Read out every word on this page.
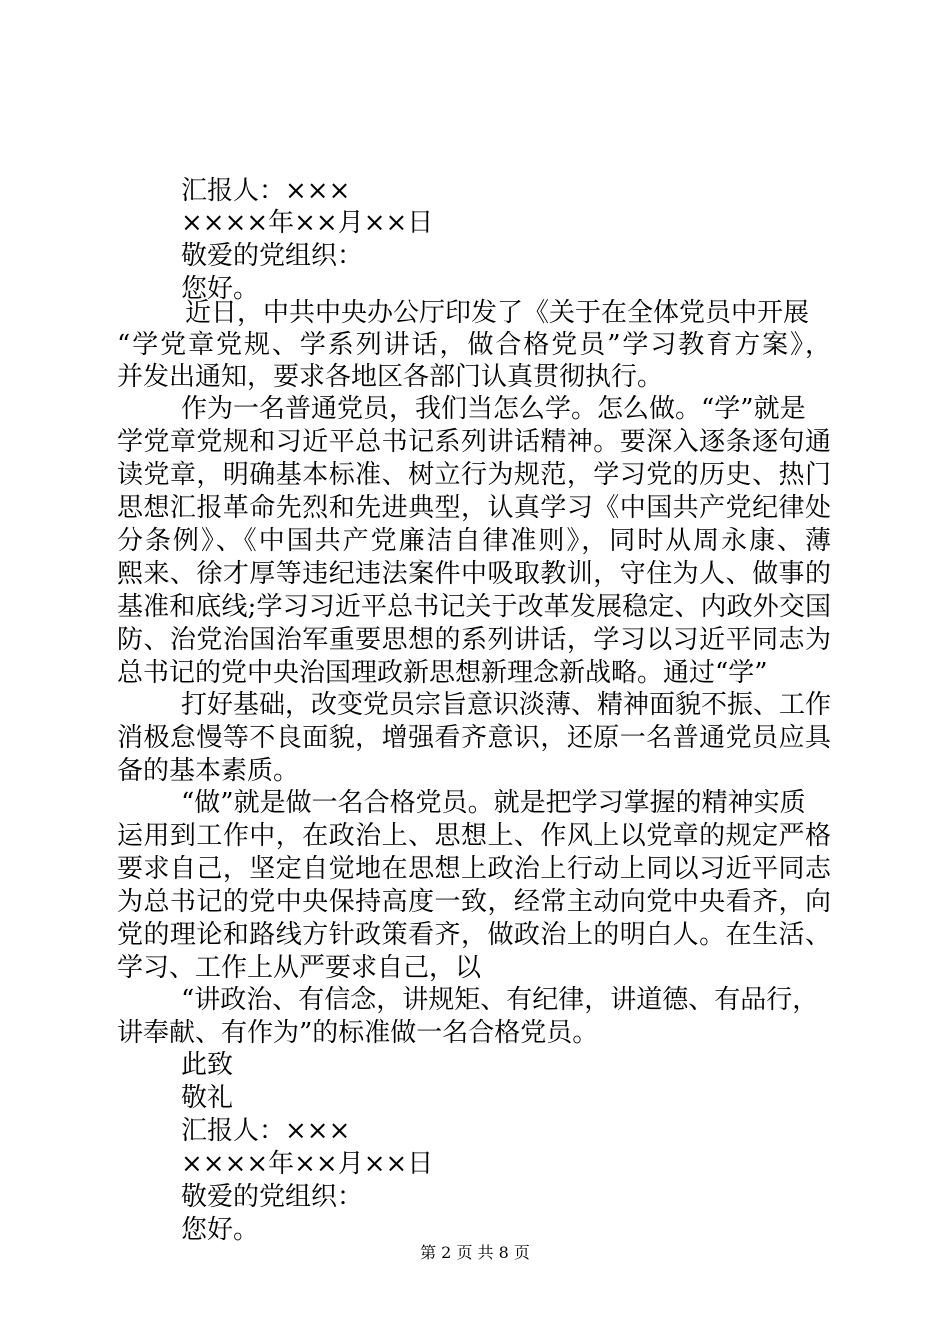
汇报人：×××
××××年××月××日
敬爱的党组织：
您好。
近日，中共中央办公厅印发了《关于在全体党员中开展
“学党章党规、学系列讲话，做合格党员”学习教育方案》，
并发出通知，要求各地区各部门认真贯彻执行。
作为一名普通党员，我们当怎么学。怎么做。“学”就是
学党章党规和习近平总书记系列讲话精神。要深入逐条逐句通
读党章，明确基本标准、树立行为规范，学习党的历史、热门
思想汇报革命先烈和先进典型，认真学习《中国共产党纪律处
分条例》、《中国共产党廉洁自律准则》，同时从周永康、薄
熙来、徐才厚等违纪违法案件中吸取教训，守住为人、做事的
基准和底线;学习习近平总书记关于改革发展稳定、内政外交国
防、治党治国治军重要思想的系列讲话，学习以习近平同志为
总书记的党中央治国理政新思想新理念新战略。通过“学”
打好基础，改变党员宗旨意识淡薄、精神面貌不振、工作
消极怠慢等不良面貌，增强看齐意识，还原一名普通党员应具
备的基本素质。
“做”就是做一名合格党员。就是把学习掌握的精神实质
运用到工作中，在政治上、思想上、作风上以党章的规定严格
要求自己，坚定自觉地在思想上政治上行动上同以习近平同志
为总书记的党中央保持高度一致，经常主动向党中央看齐，向
党的理论和路线方针政策看齐，做政治上的明白人。在生活、
学习、工作上从严要求自己，以
“讲政治、有信念，讲规矩、有纪律，讲道德、有品行，
讲奉献、有作为”的标准做一名合格党员。
此致
敬礼
汇报人：×××
××××年××月××日
敬爱的党组织：
您好。
第 2 页 共 8 页
